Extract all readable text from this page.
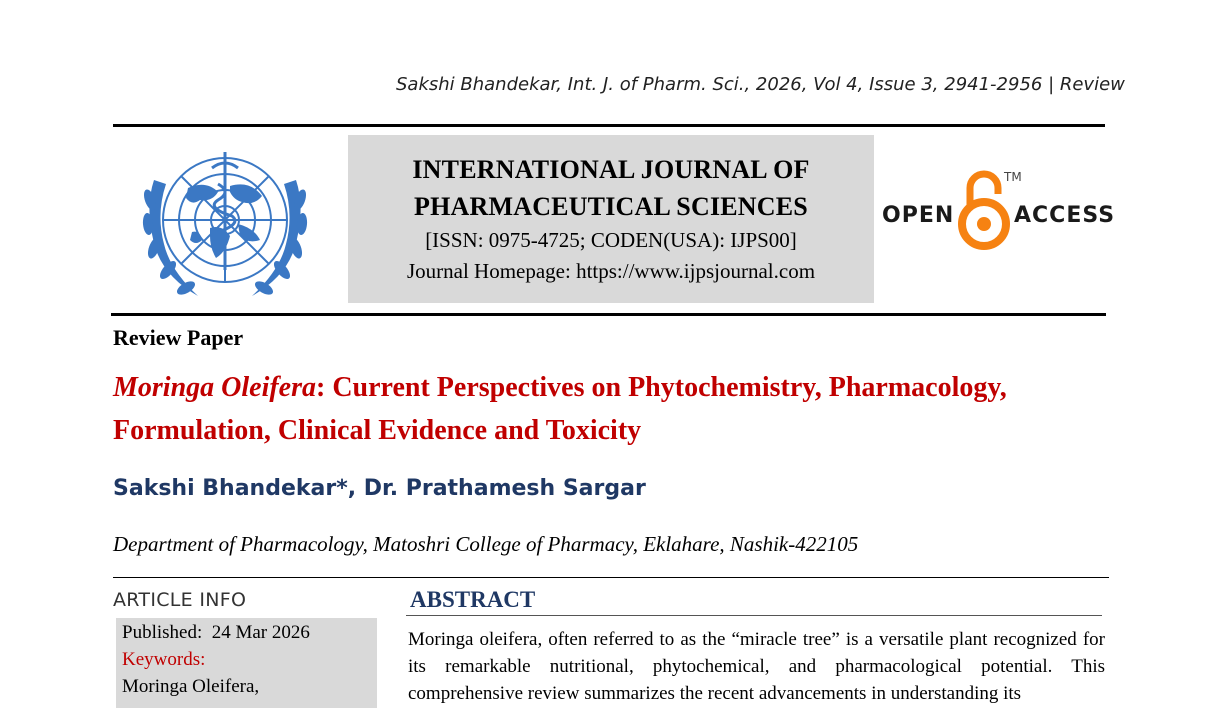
Sakshi Bhandekar, Int. J. of Pharm. Sci., 2026, Vol 4, Issue 3, 2941-2956 | Review
INTERNATIONAL JOURNAL OF
PHARMACEUTICAL SCIENCES
[ISSN: 0975-4725; CODEN(USA): IJPS00]
Journal Homepage: https://www.ijpsjournal.com
OPEN
TM
ACCESS
Review Paper
Moringa Oleifera: Current Perspectives on Phytochemistry, Pharmacology, Formulation, Clinical Evidence and Toxicity
Sakshi Bhandekar*, Dr. Prathamesh Sargar
Department of Pharmacology, Matoshri College of Pharmacy, Eklahare, Nashik-422105
ARTICLE INFO
Published: 24 Mar 2026
Keywords:
Moringa Oleifera,
ABSTRACT
Moringa oleifera, often referred to as the “miracle tree” is a versatile plant recognized for its remarkable nutritional, phytochemical, and pharmacological potential. This comprehensive review summarizes the recent advancements in understanding its
